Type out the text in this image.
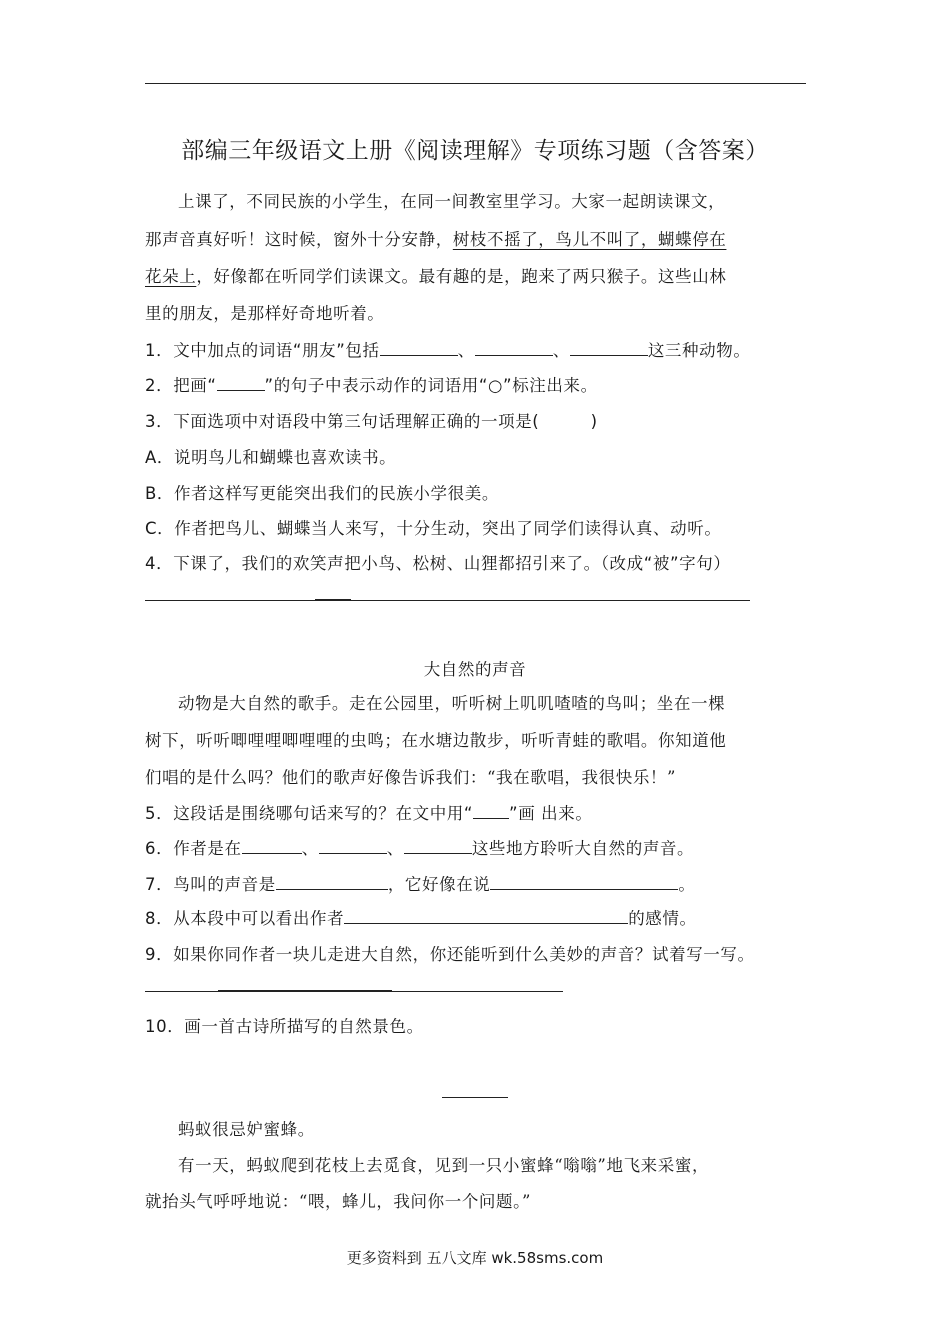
部编三年级语文上册《阅读理解》专项练习题（含答案）
上课了，不同民族的小学生，在同一间教室里学习。大家一起朗读课文，
那声音真好听！这时候，窗外十分安静，树枝不摇了，鸟儿不叫了，蝴蝶停在
花朵上，好像都在听同学们读课文。最有趣的是，跑来了两只猴子。这些山林
里的朋友，是那样好奇地听着。
1．文中加点的词语“朋友”包括	、	、	这三种动物。
2．把画“	”的句子中表示动作的词语用“○”标注出来。
3．下面选项中对语段中第三句话理解正确的一项是(　　　)
A．说明鸟儿和蝴蝶也喜欢读书。
B．作者这样写更能突出我们的民族小学很美。
C．作者把鸟儿、蝴蝶当人来写，十分生动，突出了同学们读得认真、动听。
4．下课了，我们的欢笑声把小鸟、松树、山狸都招引来了。（改成“被”字句）
大自然的声音
动物是大自然的歌手。走在公园里，听听树上叽叽喳喳的鸟叫；坐在一棵
树下，听听唧哩哩唧哩哩的虫鸣；在水塘边散步，听听青蛙的歌唱。你知道他
们唱的是什么吗？他们的歌声好像告诉我们：“我在歌唱，我很快乐！”
5．这段话是围绕哪句话来写的？在文中用“ ”画 出来。
6．作者是在	、	、	这些地方聆听大自然的声音。
7．鸟叫的声音是	，它好像在说	。
8．从本段中可以看出作者	的感情。
9．如果你同作者一块儿走进大自然，你还能听到什么美妙的声音？试着写一写。
10．画一首古诗所描写的自然景色。
蚂蚁很忌妒蜜蜂。
有一天，蚂蚁爬到花枝上去觅食，见到一只小蜜蜂“嗡嗡”地飞来采蜜，
就抬头气呼呼地说：“喂，蜂儿，我问你一个问题。”
更多资料到 五八文库 wk.58sms.com
